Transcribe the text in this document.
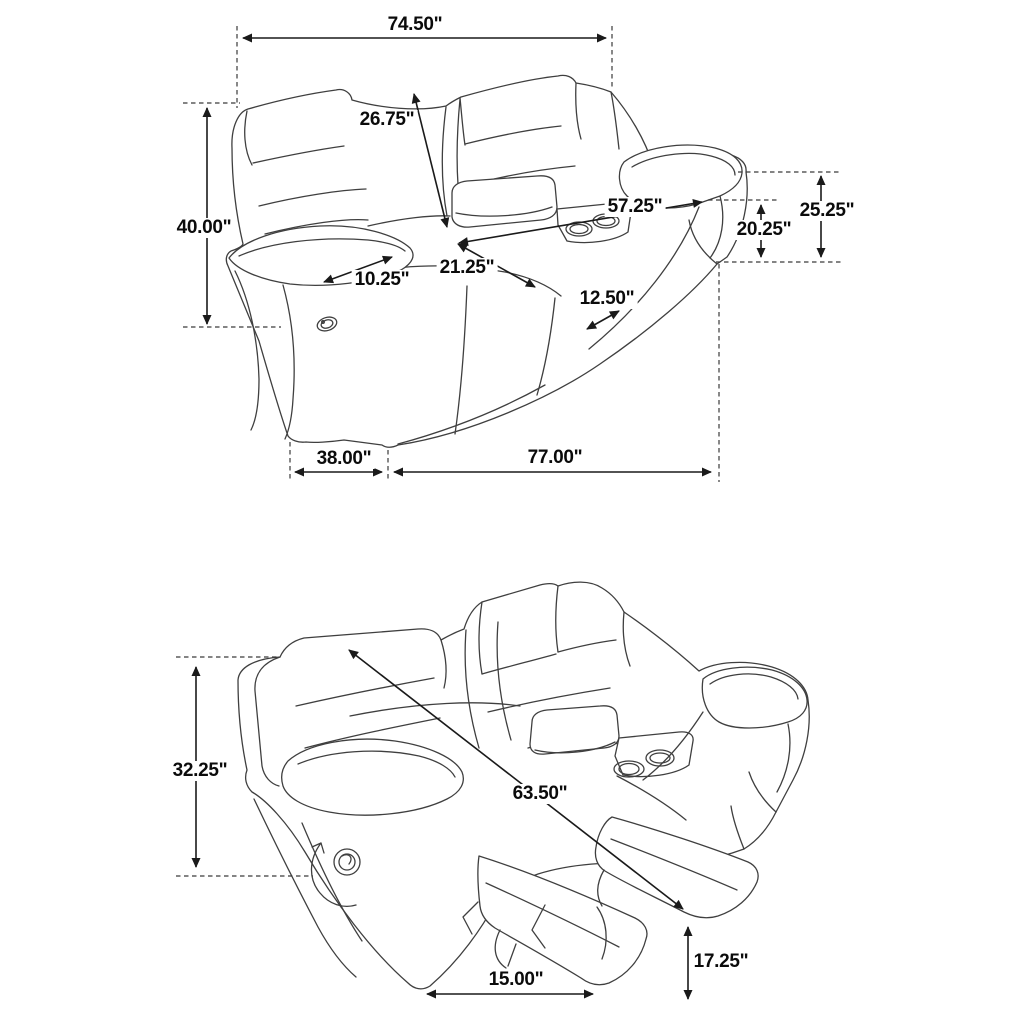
74.50"
26.75"
40.00"
57.25"
20.25"
25.25"
10.25"
21.25"
12.50"
38.00"	77.00"
32.25"
63.50"
15.00"
17.25"
